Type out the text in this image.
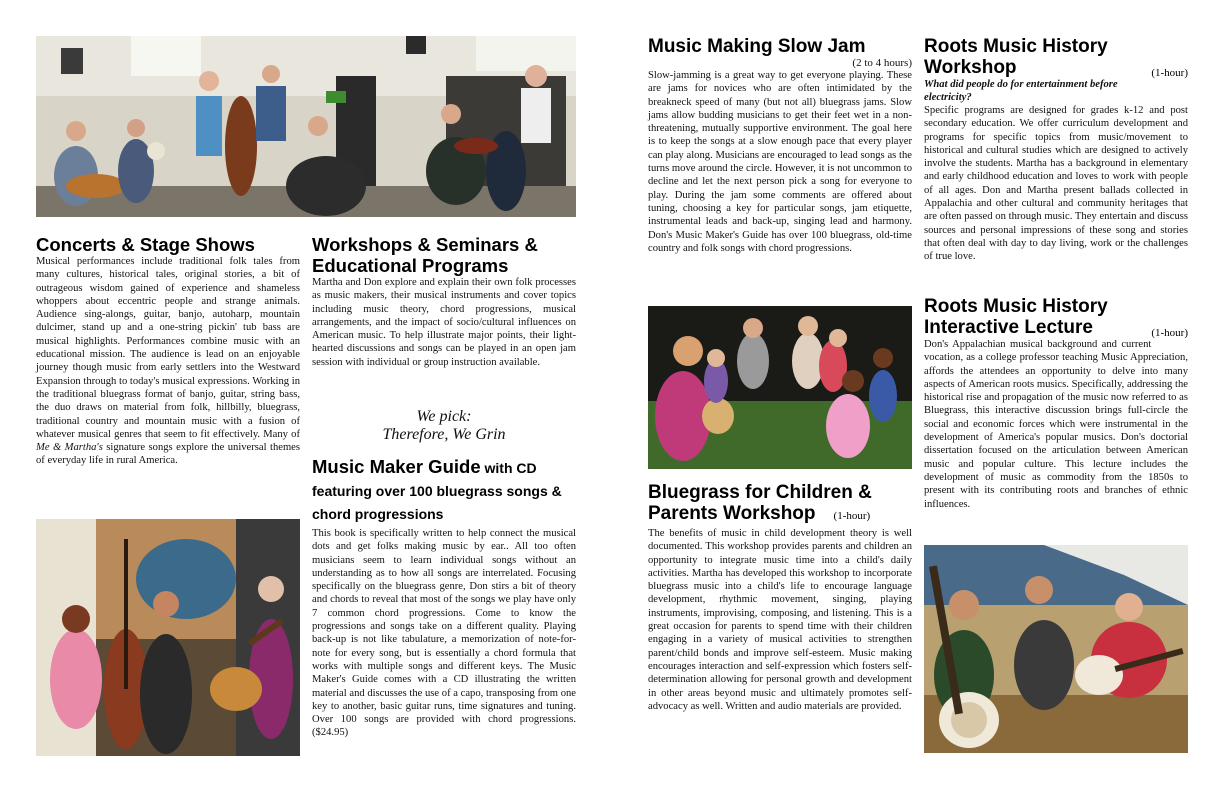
Concerts & Stage Shows

Musical performances include traditional folk tales from many cultures, historical tales, original stories, a bit of outrageous wisdom gained of experience and shameless whoppers about eccentric people and strange animals. Audience sing-alongs, guitar, banjo, autoharp, mountain dulcimer, stand up and a one-string pickin' tub bass are musical highlights. Performances combine music with an educational mission. The audience is lead on an enjoyable journey though music from early settlers into the Westward Expansion through to today's musical expressions. Working in the traditional bluegrass format of banjo, guitar, string bass, the duo draws on material from folk, hillbilly, bluegrass, traditional country and mountain music with a fusion of whatever musical genres that seem to fit effectively. Many of Me & Martha's signature songs explore the universal themes of everyday life in rural America.

Workshops & Seminars & Educational Programs

Martha and Don explore and explain their own folk processes as music makers, their musical instruments and cover topics including music theory, chord progressions, musical arrangements, and the impact of socio/cultural influences on American music. To help illustrate major points, their light-hearted discussions and songs can be played in an open jam session with individual or group instruction available.

We pick:
Therefore, We Grin
Music Maker Guide with CD featuring over 100 bluegrass songs & chord progressions

This book is specifically written to help connect the musical dots and get folks making music by ear.. All too often musicians seem to learn individual songs without an understanding as to how all songs are interrelated. Focusing specifically on the bluegrass genre, Don stirs a bit of theory and chords to reveal that most of the songs we play have only 7 common chord progressions. Come to know the progressions and songs take on a different quality. Playing back-up is not like tabulature, a memorization of note-for-note for every song, but is essentially a chord formula that works with multiple songs and different keys. The Music Maker's Guide comes with a CD illustrating the written material and discusses the use of a capo, transposing from one key to another, basic guitar runs, time signatures and tuning. Over 100 songs are provided with chord progressions. ($24.95)

Music Making Slow Jam
(2 to 4 hours)

Slow-jamming is a great way to get everyone playing. These are jams for novices who are often intimidated by the breakneck speed of many (but not all) bluegrass jams. Slow jams allow budding musicians to get their feet wet in a non-threatening, mutually supportive environment. The goal here is to keep the songs at a slow enough pace that every player can play along. Musicians are encouraged to lead songs as the turns move around the circle. However, it is not uncommon to decline and let the next person pick a song for everyone to play. During the jam some comments are offered about tuning, choosing a key for particular songs, jam etiquette, instrumental leads and back-up, singing lead and harmony. Don's Music Maker's Guide has over 100 bluegrass, old-time country and folk songs with chord progressions.

Bluegrass for Children &
Parents Workshop (1-hour)

The benefits of music in child development theory is well documented. This workshop provides parents and children an opportunity to integrate music time into a child's daily activities. Martha has developed this workshop to incorporate bluegrass music into a child's life to encourage language development, rhythmic movement, singing, playing instruments, improvising, composing, and listening. This is a great occasion for parents to spend time with their children engaging in a variety of musical activities to strengthen parent/child bonds and improve self-esteem. Music making encourages interaction and self-expression which fosters self-determination allowing for personal growth and development in other areas beyond music and ultimately promotes self-advocacy as well. Written and audio materials are provided.

Roots Music History
Workshop	(1-hour)

What did people do for entertainment before electricity?

Specific programs are designed for grades k-12 and post secondary education. We offer curriculum development and programs for specific topics from music/movement to historical and cultural studies which are designed to actively involve the students. Martha has a background in elementary and early childhood education and loves to work with people of all ages. Don and Martha present ballads collected in Appalachia and other cultural and community heritages that are often passed on through music. They entertain and discuss sources and personal impressions of these song and stories that often deal with day to day living, work or the challenges of true love.

Roots Music History
Interactive Lecture	(1-hour)

Don's Appalachian musical background and current vocation, as a college professor teaching Music Appreciation, affords the attendees an opportunity to delve into many aspects of American roots musics. Specifically, addressing the historical rise and propagation of the music now referred to as Bluegrass, this interactive discussion brings full-circle the social and economic forces which were instrumental in the development of America's popular musics. Don's doctorial dissertation focused on the articulation between American music and popular culture. This lecture includes the development of music as commodity from the 1850s to present with its contributing roots and branches of ethnic influences.
